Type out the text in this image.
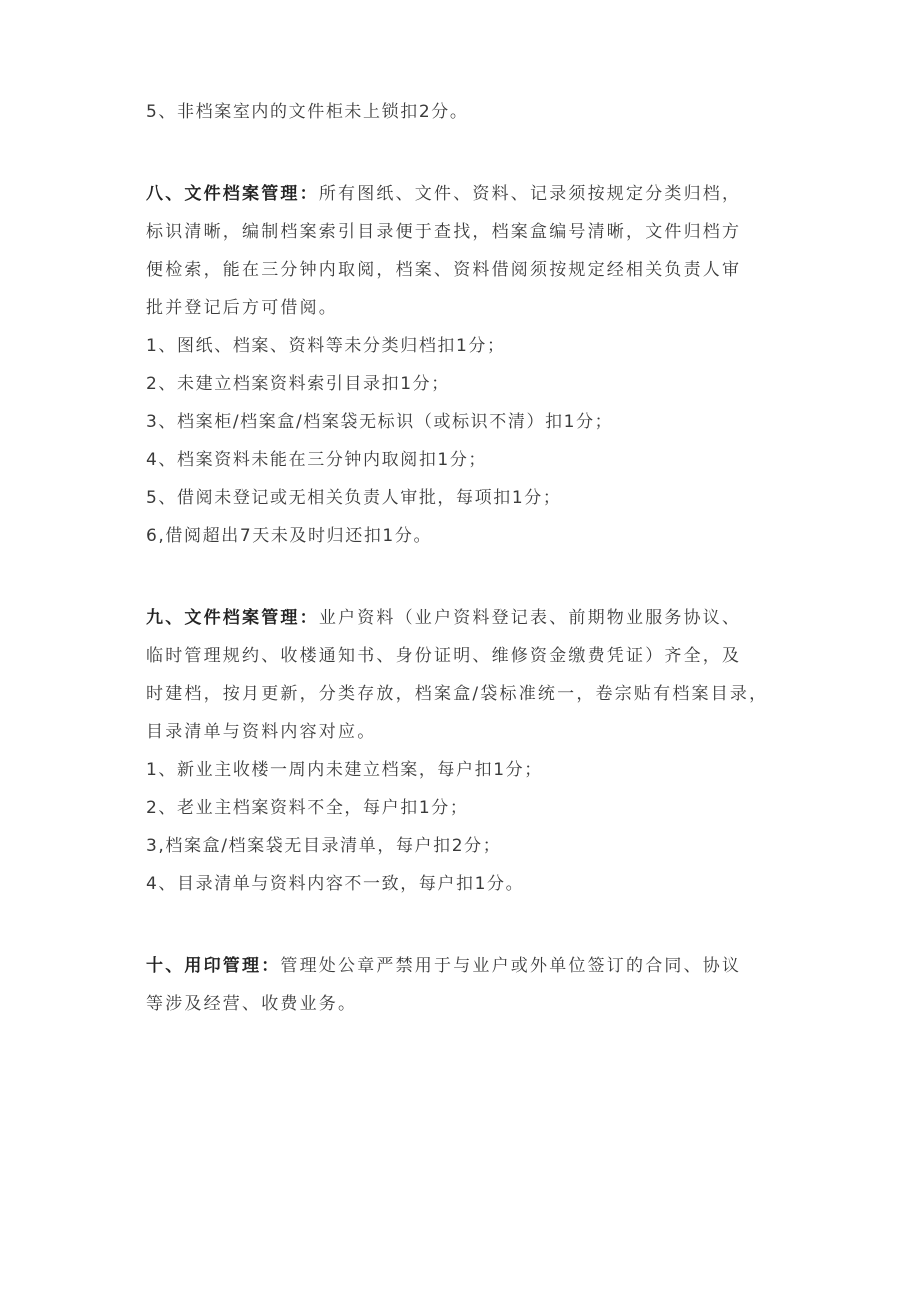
5、非档案室内的文件柜未上锁扣2分。
八、文件档案管理：所有图纸、文件、资料、记录须按规定分类归档，
标识清晰，编制档案索引目录便于查找，档案盒编号清晰，文件归档方
便检索，能在三分钟内取阅，档案、资料借阅须按规定经相关负责人审
批并登记后方可借阅。
1、图纸、档案、资料等未分类归档扣1分；
2、未建立档案资料索引目录扣1分；
3、档案柜/档案盒/档案袋无标识（或标识不清）扣1分；
4、档案资料未能在三分钟内取阅扣1分；
5、借阅未登记或无相关负责人审批，每项扣1分；
6,借阅超出7天未及时归还扣1分。
九、文件档案管理：业户资料（业户资料登记表、前期物业服务协议、
临时管理规约、收楼通知书、身份证明、维修资金缴费凭证）齐全，及
时建档，按月更新，分类存放，档案盒/袋标准统一，卷宗贴有档案目录，
目录清单与资料内容对应。
1、新业主收楼一周内未建立档案，每户扣1分；
2、老业主档案资料不全，每户扣1分；
3,档案盒/档案袋无目录清单，每户扣2分；
4、目录清单与资料内容不一致，每户扣1分。
十、用印管理：管理处公章严禁用于与业户或外单位签订的合同、协议
等涉及经营、收费业务。
